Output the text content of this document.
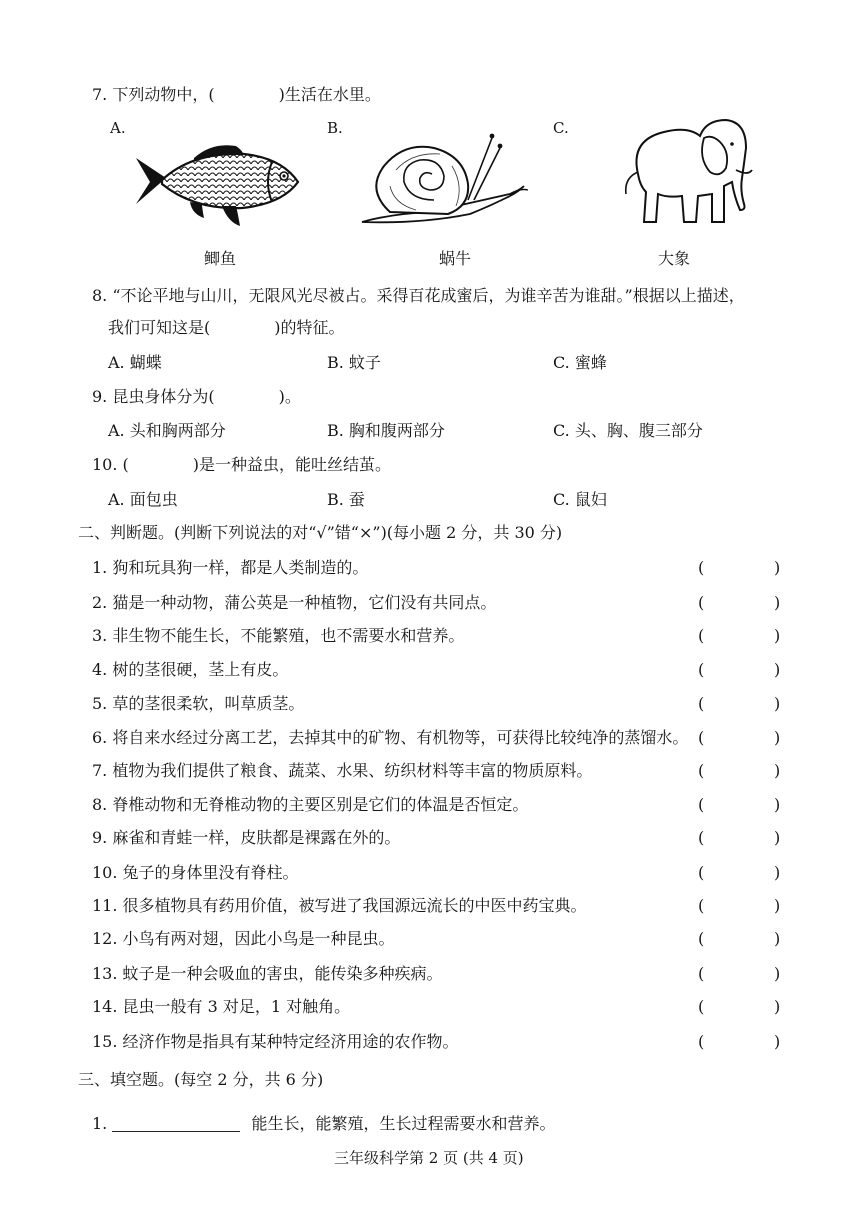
7. 下列动物中，(　　　　)生活在水里。
A.	B.	C.
鲫鱼	蜗牛	大象
8. “不论平地与山川，无限风光尽被占。采得百花成蜜后，为谁辛苦为谁甜。”根据以上描述，
我们可知这是(　　　　)的特征。
A. 蝴蝶	B. 蚊子	C. 蜜蜂
9. 昆虫身体分为(　　　　)。
A. 头和胸两部分	B. 胸和腹两部分	C. 头、胸、腹三部分
10. (　　　　)是一种益虫，能吐丝结茧。
A. 面包虫	B. 蚕	C. 鼠妇
二、判断题。(判断下列说法的对“√”错“×”)(每小题 2 分，共 30 分)
1. 狗和玩具狗一样，都是人类制造的。	(	)
2. 猫是一种动物，蒲公英是一种植物，它们没有共同点。	(	)
3. 非生物不能生长，不能繁殖，也不需要水和营养。	(	)
4. 树的茎很硬，茎上有皮。	(	)
5. 草的茎很柔软，叫草质茎。	(	)
6. 将自来水经过分离工艺，去掉其中的矿物、有机物等，可获得比较纯净的蒸馏水。 (	)
7. 植物为我们提供了粮食、蔬菜、水果、纺织材料等丰富的物质原料。	(	)
8. 脊椎动物和无脊椎动物的主要区别是它们的体温是否恒定。	(	)
9. 麻雀和青蛙一样，皮肤都是裸露在外的。	(	)
10. 兔子的身体里没有脊柱。	(	)
11. 很多植物具有药用价值，被写进了我国源远流长的中医中药宝典。	(	)
12. 小鸟有两对翅，因此小鸟是一种昆虫。	(	)
13. 蚊子是一种会吸血的害虫，能传染多种疾病。	(	)
14. 昆虫一般有 3 对足，1 对触角。	(	)
15. 经济作物是指具有某种特定经济用途的农作物。	(	)
三、填空题。(每空 2 分，共 6 分)
1.	能生长，能繁殖，生长过程需要水和营养。
三年级科学第 2 页 (共 4 页)
